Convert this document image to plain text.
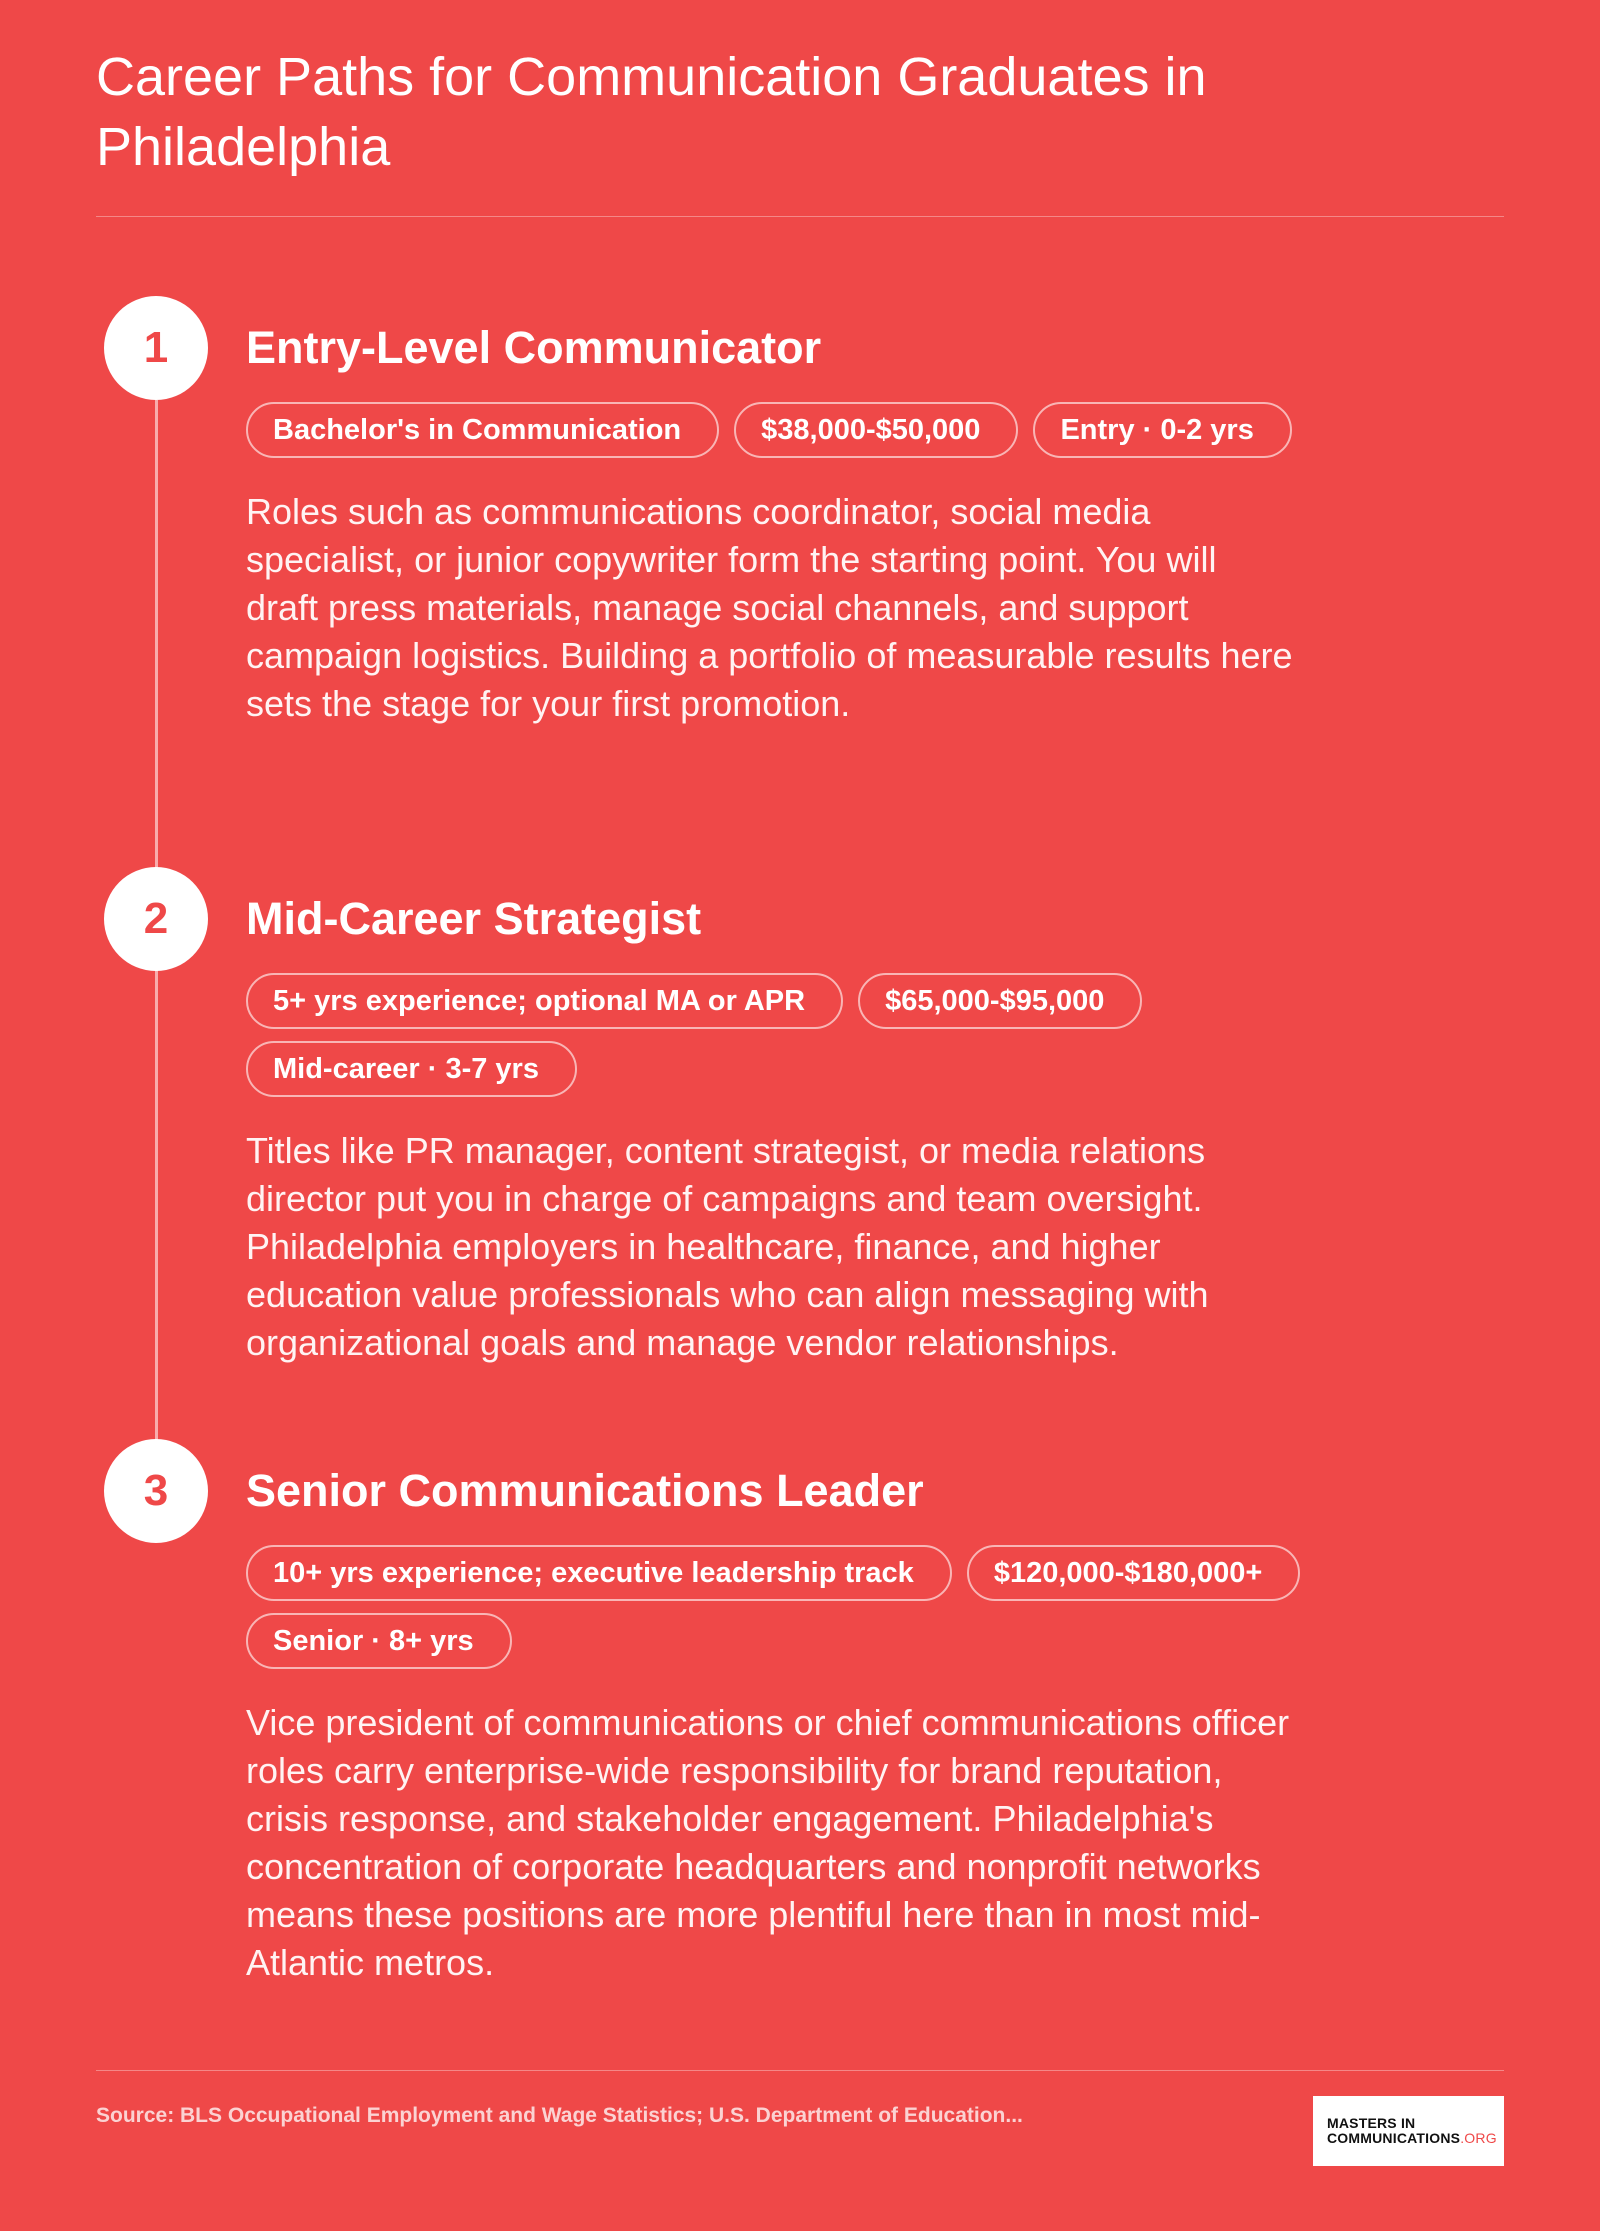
Career Paths for Communication Graduates in Philadelphia
1	Entry-Level Communicator
Bachelor's in Communication	$38,000-$50,000	Entry · 0-2 yrs

Roles such as communications coordinator, social media specialist, or junior copywriter form the starting point. You will draft press materials, manage social channels, and support campaign logistics. Building a portfolio of measurable results here sets the stage for your first promotion.

2	Mid-Career Strategist
5+ yrs experience; optional MA or APR	$65,000-$95,000
Mid-career · 3-7 yrs

Titles like PR manager, content strategist, or media relations director put you in charge of campaigns and team oversight. Philadelphia employers in healthcare, finance, and higher education value professionals who can align messaging with organizational goals and manage vendor relationships.

3	Senior Communications Leader
10+ yrs experience; executive leadership track	$120,000-$180,000+
Senior · 8+ yrs

Vice president of communications or chief communications officer roles carry enterprise-wide responsibility for brand reputation, crisis response, and stakeholder engagement. Philadelphia's concentration of corporate headquarters and nonprofit networks means these positions are more plentiful here than in most mid-Atlantic metros.

Source: BLS Occupational Employment and Wage Statistics; U.S. Department of Education...	MASTERS IN
COMMUNICATIONS.ORG
